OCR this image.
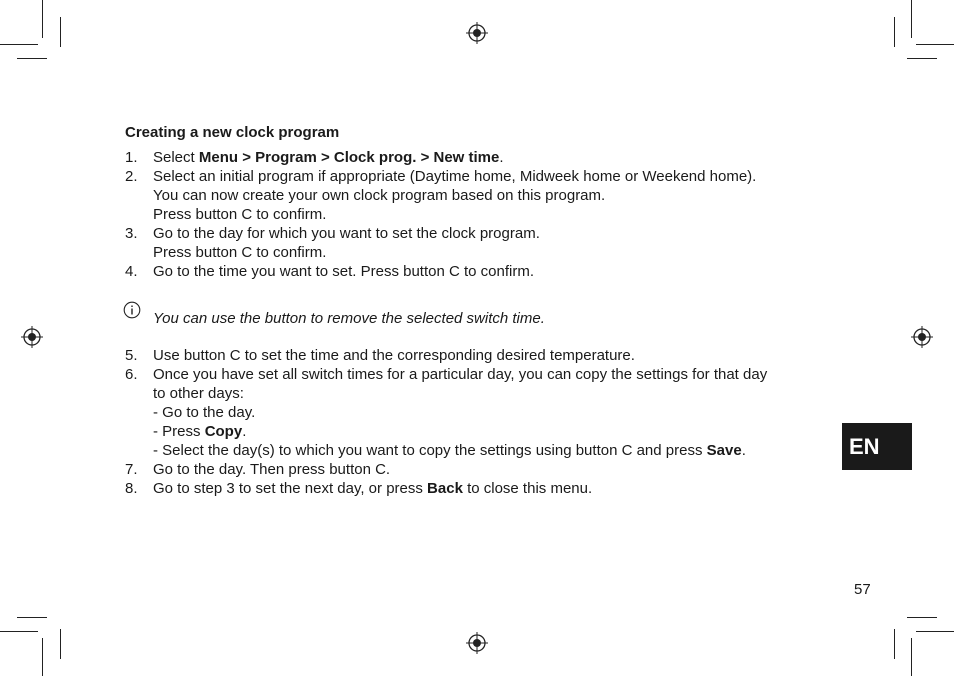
Creating a new clock program
1. Select Menu > Program > Clock prog. > New time.
2. Select an initial program if appropriate (Daytime home, Midweek home or Weekend home).
You can now create your own clock program based on this program.
Press button C to confirm.
3. Go to the day for which you want to set the clock program.
Press button C to confirm.
4. Go to the time you want to set. Press button C to confirm.
You can use the button to remove the selected switch time.
5. Use button C to set the time and the corresponding desired temperature.
6. Once you have set all switch times for a particular day, you can copy the settings for that day
to other days:
- Go to the day.
- Press Copy.
- Select the day(s) to which you want to copy the settings using button C and press Save.
7. Go to the day. Then press button C.
8. Go to step 3 to set the next day, or press Back to close this menu.
EN
57
